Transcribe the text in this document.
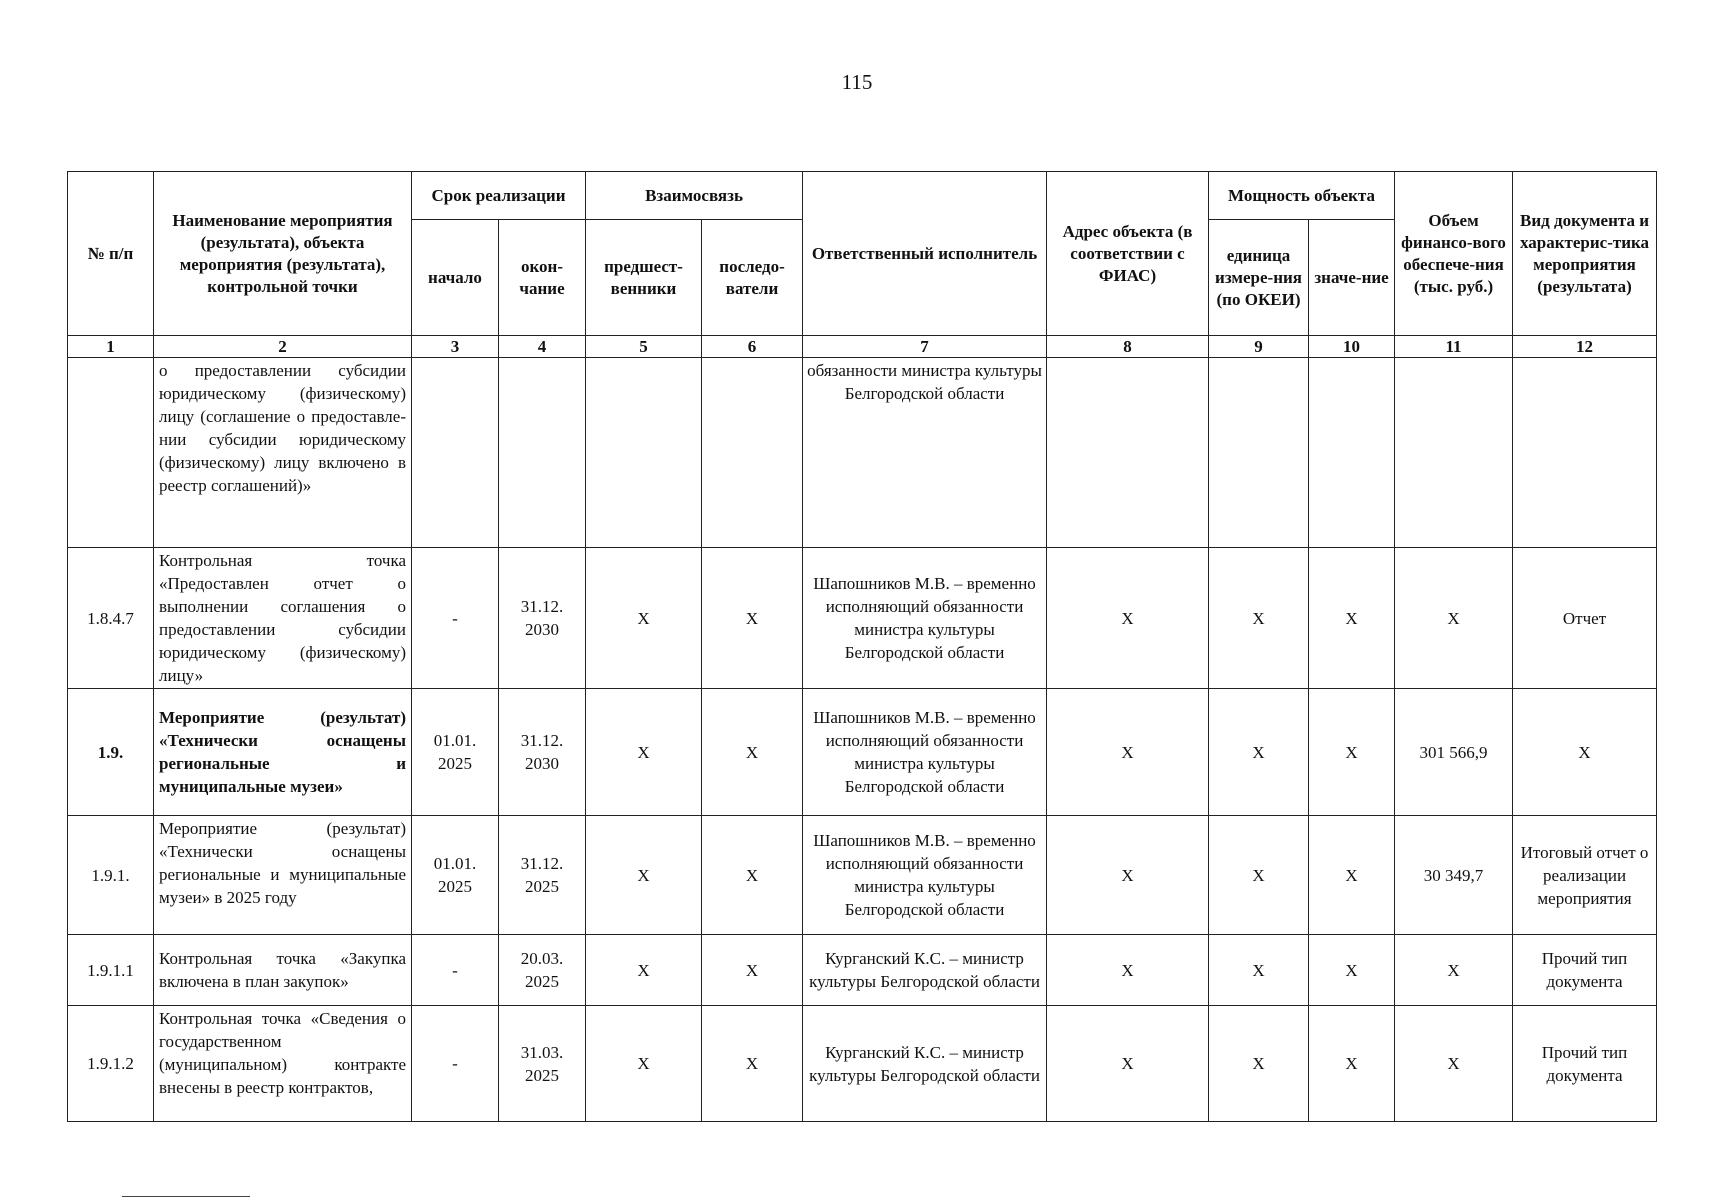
115
№ п/п	Наименование мероприятия (результата), объекта мероприятия (результата), контрольной точки	Срок реализации		Взаимосвязь		Ответственный исполнитель	Адрес объекта (в соответствии с ФИАС)	Мощность объекта		Объем финансо-вого обеспече-ния (тыс. руб.)	Вид документа и характерис-тика мероприятия (результата)
		начало	окон-чание	предшест-венники	последо-ватели			единица измере-ния (по ОКЕИ)	значе-ние		
1	2	3	4	5	6	7	8	9	10	11	12
	о предоставлении субсидии юридическому (физическому) лицу (соглашение о предоставле-нии субсидии юридическому (физическому) лицу включено в реестр соглашений)»					обязанности министра культуры Белгородской области					
1.8.4.7	Контрольная точка «Предоставлен отчет о выполнении соглашения о предоставлении субсидии юридическому (физическому) лицу»	-	31.12. 2030	X	X	Шапошников М.В. – временно исполняющий обязанности министра культуры Белгородской области	X	X	X	X	Отчет
1.9.	Мероприятие (результат) «Технически оснащены региональные и муниципальные музеи»	01.01. 2025	31.12. 2030	X	X	Шапошников М.В. – временно исполняющий обязанности министра культуры Белгородской области	X	X	X	301 566,9	X
1.9.1.	Мероприятие (результат) «Технически оснащены региональные и муниципальные музеи» в 2025 году	01.01. 2025	31.12. 2025	X	X	Шапошников М.В. – временно исполняющий обязанности министра культуры Белгородской области	X	X	X	30 349,7	Итоговый отчет о реализации мероприятия
1.9.1.1	Контрольная точка «Закупка включена в план закупок»	-	20.03. 2025	X	X	Курганский К.С. – министр культуры Белгородской области	X	X	X	X	Прочий тип документа
1.9.1.2	Контрольная точка «Сведения о государственном (муниципальном) контракте внесены в реестр контрактов,	-	31.03. 2025	X	X	Курганский К.С. – министр культуры Белгородской области	X	X	X	X	Прочий тип документа
